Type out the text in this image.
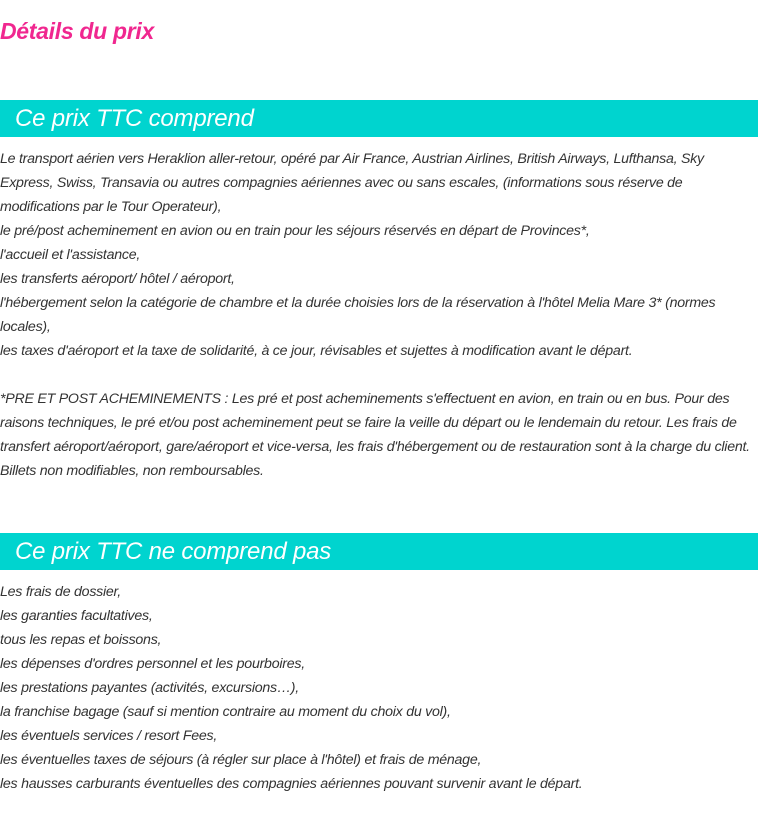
Détails du prix
Ce prix TTC comprend
Le transport aérien vers Heraklion aller-retour, opéré par Air France, Austrian Airlines, British Airways, Lufthansa, Sky Express, Swiss, Transavia ou autres compagnies aériennes avec ou sans escales, (informations sous réserve de modifications par le Tour Operateur),
le pré/post acheminement en avion ou en train pour les séjours réservés en départ de Provinces*,
l'accueil et l'assistance,
les transferts aéroport/ hôtel / aéroport,
l'hébergement selon la catégorie de chambre et la durée choisies lors de la réservation à l'hôtel Melia Mare 3* (normes locales),
les taxes d'aéroport et la taxe de solidarité, à ce jour, révisables et sujettes à modification avant le départ.
*PRE ET POST ACHEMINEMENTS : Les pré et post acheminements s'effectuent en avion, en train ou en bus. Pour des raisons techniques, le pré et/ou post acheminement peut se faire la veille du départ ou le lendemain du retour. Les frais de transfert aéroport/aéroport, gare/aéroport et vice-versa, les frais d'hébergement ou de restauration sont à la charge du client. Billets non modifiables, non remboursables.
Ce prix TTC ne comprend pas
Les frais de dossier,
les garanties facultatives,
tous les repas et boissons,
les dépenses d'ordres personnel et les pourboires,
les prestations payantes (activités, excursions…),
la franchise bagage (sauf si mention contraire au moment du choix du vol),
les éventuels services / resort Fees,
les éventuelles taxes de séjours (à régler sur place à l'hôtel) et frais de ménage,
les hausses carburants éventuelles des compagnies aériennes pouvant survenir avant le départ.
